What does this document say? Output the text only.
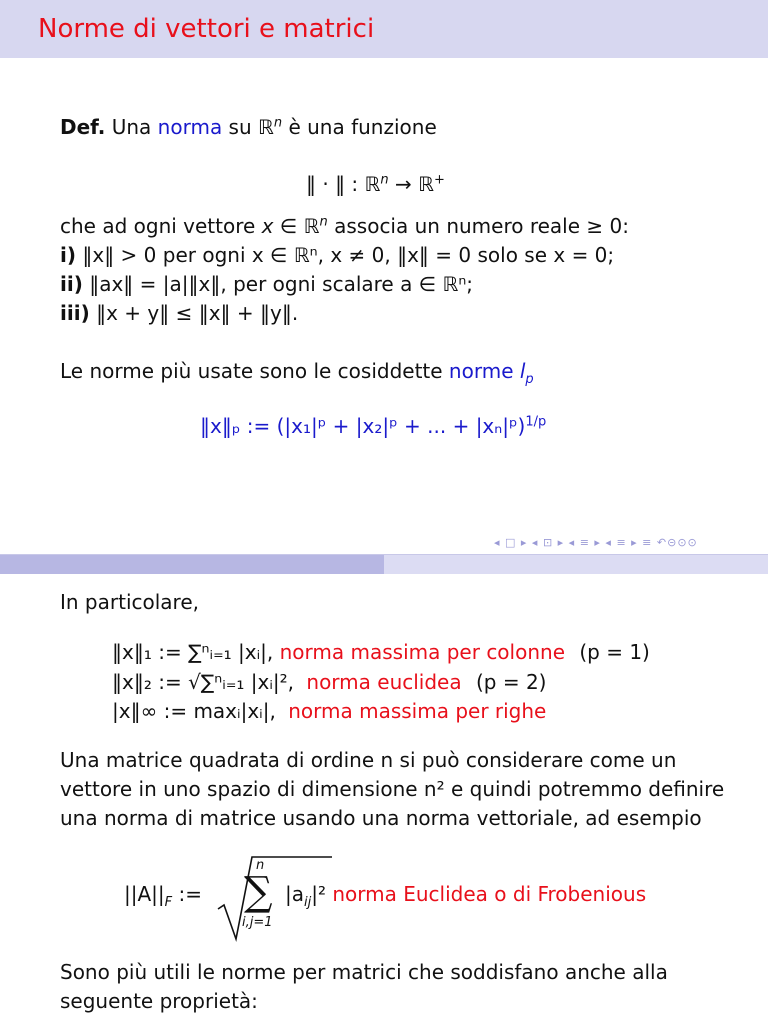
Norme di vettori e matrici
Def. Una norma su ℝ$^n$ è una funzione
‖ · ‖ : ℝ$^n$ → ℝ+
che ad ogni vettore x ∈ ℝ$^n$ associa un numero reale ≥ 0:
i) ‖x‖ > 0 per ogni x ∈ ℝⁿ, x ≠ 0, ‖x‖ = 0 solo se x = 0;
ii) ‖ax‖ = |a|‖x‖, per ogni scalare a ∈ ℝⁿ;
iii) ‖x + y‖ ≤ ‖x‖ + ‖y‖.
Le norme più usate sono le cosiddette norme $l_p$
‖x‖ₚ := (|x₁|ᵖ + |x₂|ᵖ + ... + |xₙ|ᵖ)$^{1/p}$
◂ □ ▸ ◂ ⊡ ▸ ◂ ≡ ▸ ◂ ≡ ▸ ≡ ↶⊝⊙⊙
In particolare,
‖x‖₁ := ∑ⁿᵢ₌₁ |xᵢ|, norma massima per colonne (p = 1)
‖x‖₂ := √∑ⁿᵢ₌₁ |xᵢ|², norma euclidea (p = 2)
|x‖∞ := maxᵢ|xᵢ|, norma massima per righe
Una matrice quadrata di ordine n si può considerare come un
vettore in uno spazio di dimensione n² e quindi potremmo definire
una norma di matrice usando una norma vettoriale, ad esempio
$||A||_F$ :=
n
∑
i,j=1
$|a_{ij}|^2$ norma Euclidea o di Frobenious
Sono più utili le norme per matrici che soddisfano anche alla
seguente proprietà:
